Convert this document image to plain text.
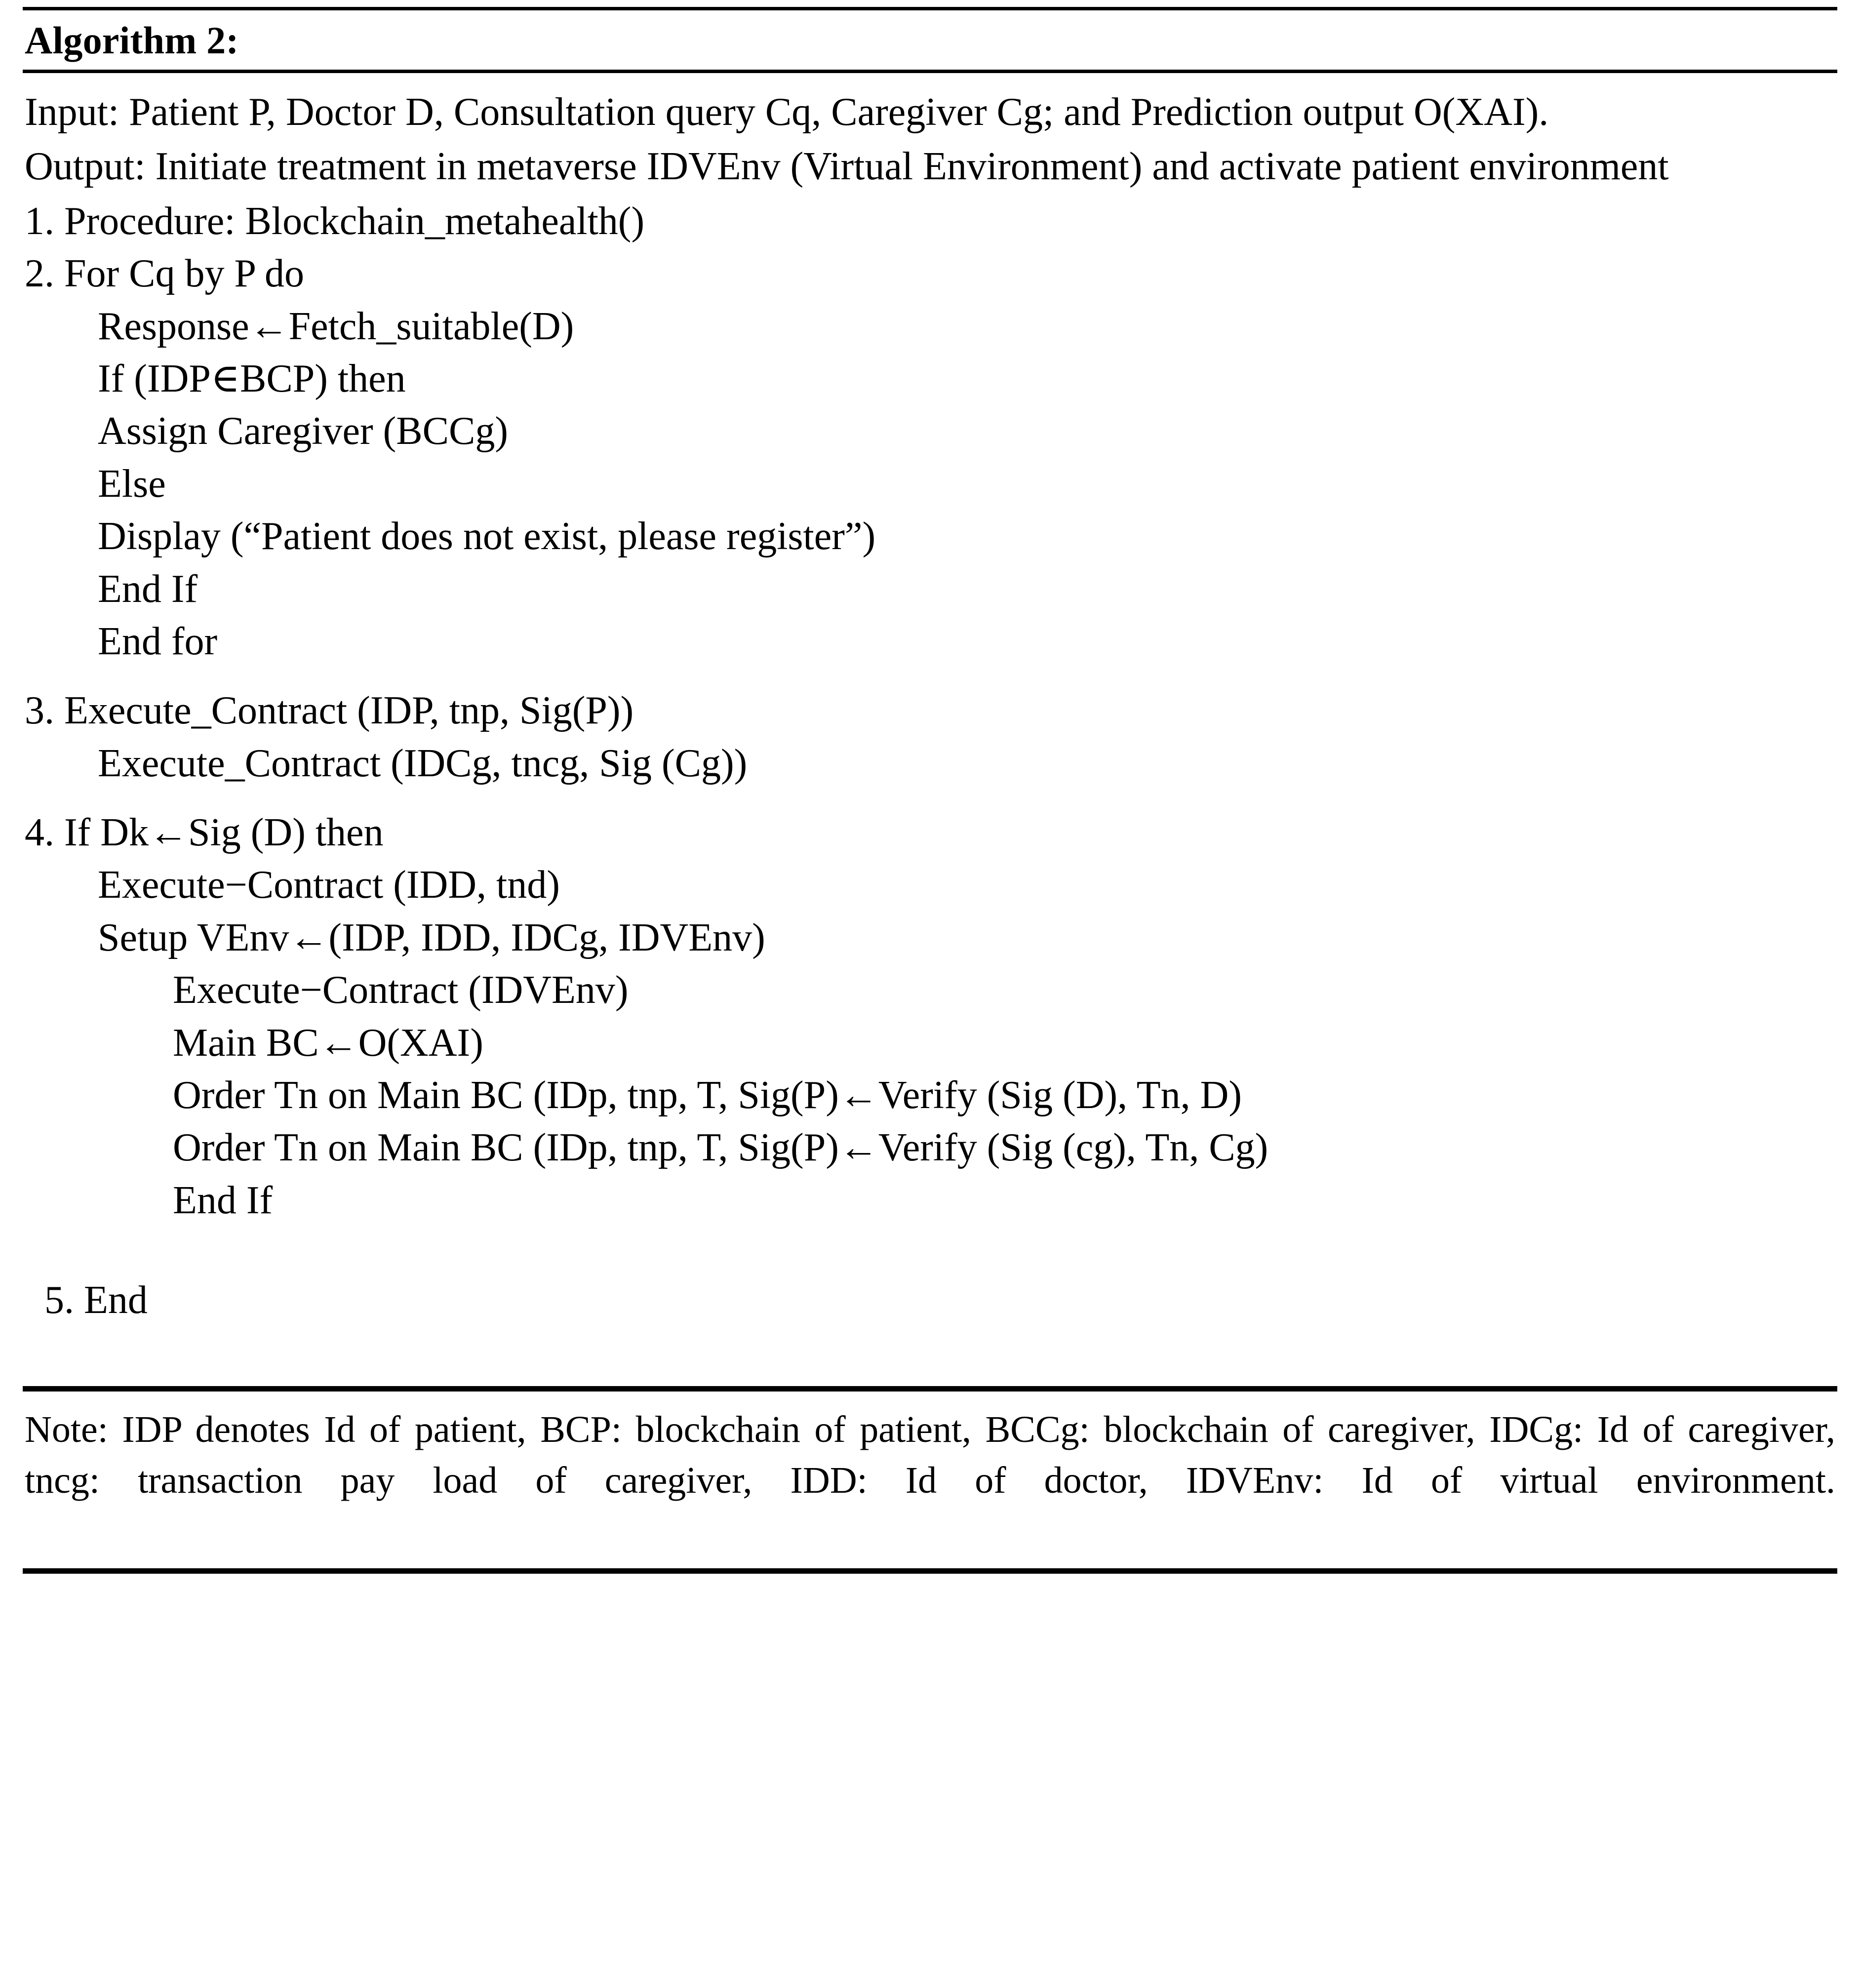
Algorithm 2:

Input: Patient P, Doctor D, Consultation query Cq, Caregiver Cg; and Prediction output O(XAI).

Output: Initiate treatment in metaverse IDVEnv (Virtual Environment) and activate patient environment

1. Procedure: Blockchain_metahealth()
2. For Cq by P do
Response←Fetch_suitable(D)
If (IDP∈BCP) then
Assign Caregiver (BCCg)
Else
Display (“Patient does not exist, please register”)
End If
End for
3. Execute_Contract (IDP, tnp, Sig(P))
Execute_Contract (IDCg, tncg, Sig (Cg))
4. If Dk←Sig (D) then
Execute−Contract (IDD, tnd)
Setup VEnv←(IDP, IDD, IDCg, IDVEnv)
Execute−Contract (IDVEnv)
Main BC←O(XAI)
Order Tn on Main BC (IDp, tnp, T, Sig(P)←Verify (Sig (D), Tn, D)
Order Tn on Main BC (IDp, tnp, T, Sig(P)←Verify (Sig (cg), Tn, Cg)
End If
5. End

Note: IDP denotes Id of patient, BCP: blockchain of patient, BCCg: blockchain of caregiver, IDCg: Id of caregiver, tncg: transaction pay load of caregiver, IDD: Id of doctor, IDVEnv: Id of virtual environment.
